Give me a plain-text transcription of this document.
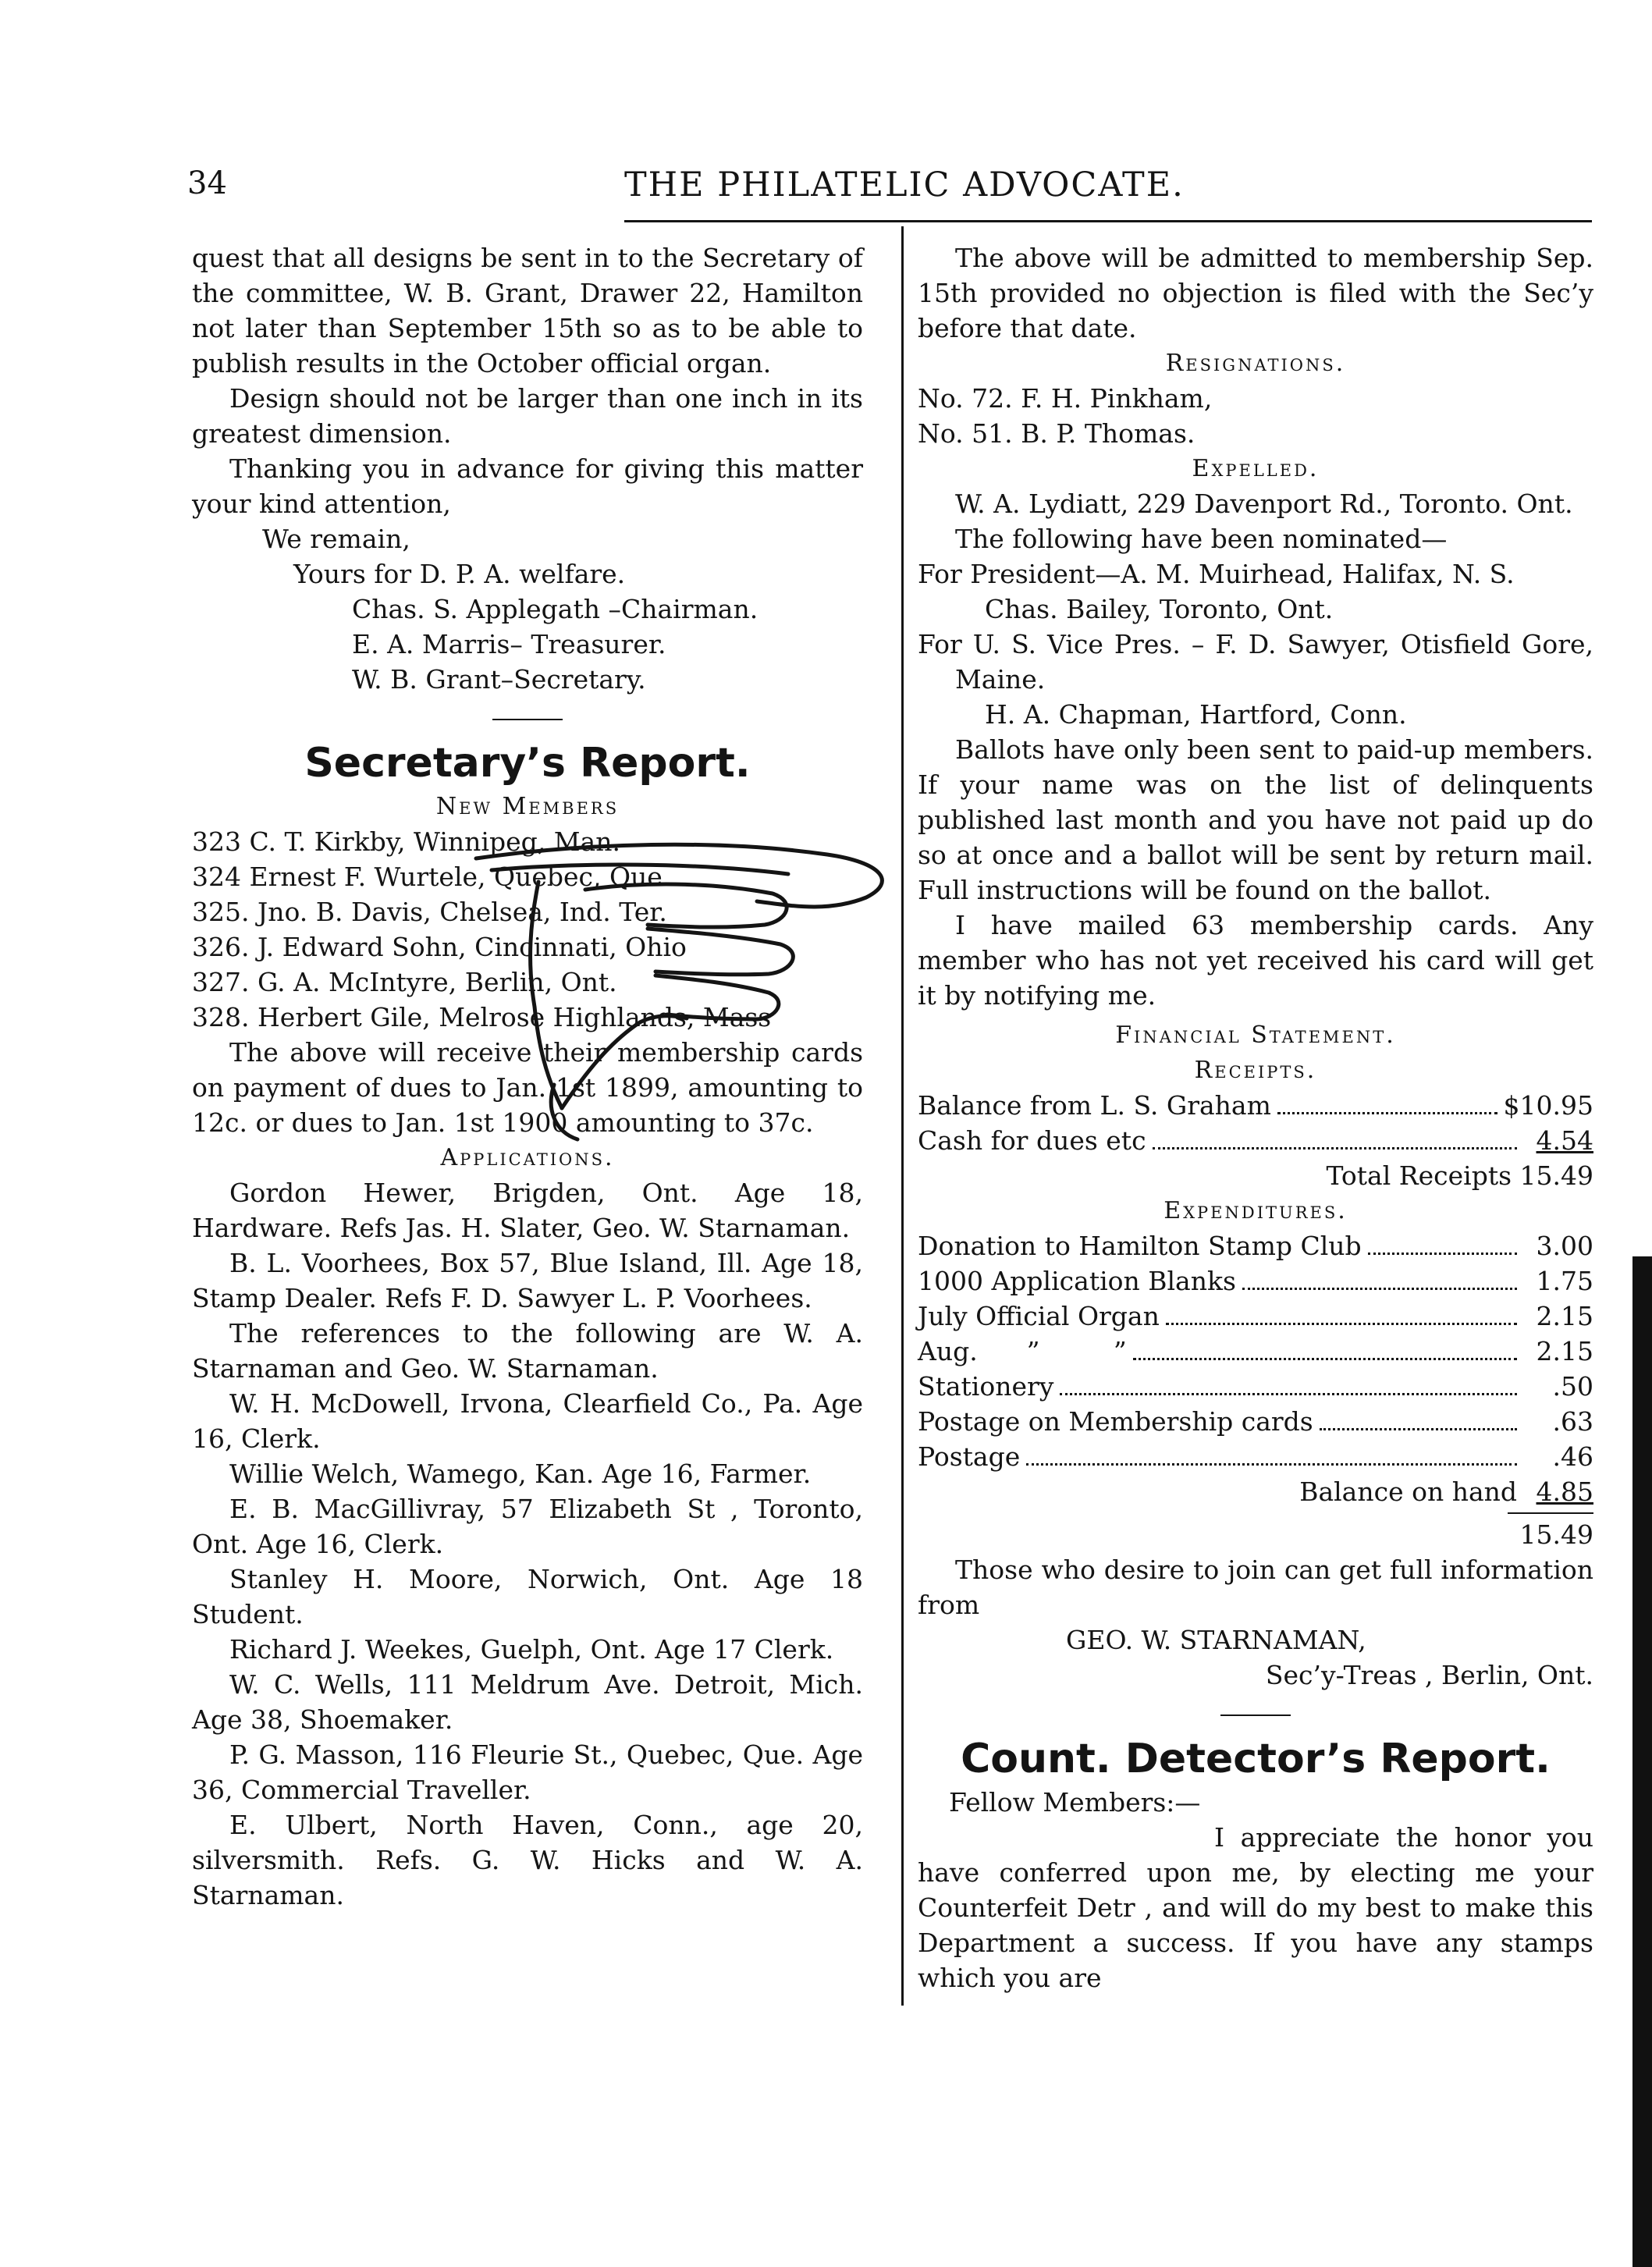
34	THE PHILATELIC ADVOCATE.

quest that all designs be sent in to the Secretary of the committee, W. B. Grant, Drawer 22, Hamilton not later than September 15th so as to be able to publish results in the October official organ.

Design should not be larger than one inch in its greatest dimension.

Thanking you in advance for giving this matter your kind attention,

We remain,
Yours for D. P. A. welfare.
Chas. S. Applegath –Chairman.
E. A. Marris– Treasurer.
W. B. Grant–Secretary.
Secretary’s Report.
New Members
323 C. T. Kirkby, Winnipeg, Man.
324 Ernest F. Wurtele, Quebec, Que.
325. Jno. B. Davis, Chelsea, Ind. Ter.
326. J. Edward Sohn, Cincinnati, Ohio
327. G. A. McIntyre, Berlin, Ont.
328. Herbert Gile, Melrose Highlands, Mass

The above will receive their membership cards on payment of dues to Jan. 1st 1899, amounting to 12c. or dues to Jan. 1st 1900 amounting to 37c.

Applications.

Gordon Hewer, Brigden, Ont. Age 18, Hardware. Refs Jas. H. Slater, Geo. W. Starnaman.

B. L. Voorhees, Box 57, Blue Island, Ill. Age 18, Stamp Dealer. Refs F. D. Sawyer L. P. Voorhees.

The references to the following are W. A. Starnaman and Geo. W. Starnaman.

W. H. McDowell, Irvona, Clearfield Co., Pa. Age 16, Clerk.

Willie Welch, Wamego, Kan. Age 16, Farmer.

E. B. MacGillivray, 57 Elizabeth St , Toronto, Ont. Age 16, Clerk.

Stanley H. Moore, Norwich, Ont. Age 18 Student.

Richard J. Weekes, Guelph, Ont. Age 17 Clerk.

W. C. Wells, 111 Meldrum Ave. Detroit, Mich. Age 38, Shoemaker.

P. G. Masson, 116 Fleurie St., Quebec, Que. Age 36, Commercial Traveller.

E. Ulbert, North Haven, Conn., age 20, silversmith. Refs. G. W. Hicks and W. A. Starnaman.

The above will be admitted to membership Sep. 15th provided no objection is filed with the Sec’y before that date.

Resignations.
No. 72. F. H. Pinkham,
No. 51. B. P. Thomas.
Expelled.

W. A. Lydiatt, 229 Davenport Rd., Toronto. Ont.

The following have been nominated—

For President—A. M. Muirhead, Halifax, N. S.

Chas. Bailey, Toronto, Ont.

For U. S. Vice Pres. – F. D. Sawyer, Otisfield Gore, Maine.

H. A. Chapman, Hartford, Conn.

Ballots have only been sent to paid-up members. If your name was on the list of delinquents published last month and you have not paid up do so at once and a ballot will be sent by return mail. Full instructions will be found on the ballot.

I have mailed 63 membership cards. Any member who has not yet received his card will get it by notifying me.

Financial Statement.
Receipts.
Balance from L. S. Graham	$10.95
Cash for dues etc	4.54
Total Receipts 15.49
Expenditures.
Donation to Hamilton Stamp Club	3.00
1000 Application Blanks	1.75
July Official Organ	2.15
Aug.      ”         ”	2.15
Stationery	.50
Postage on Membership cards	.63
Postage	.46
Balance on hand 4.85
15.49

Those who desire to join can get full information from

GEO. W. STARNAMAN,
Sec’y-Treas , Berlin, Ont.
Count. Detector’s Report.
Fellow Members:—

I appreciate the honor you have conferred upon me, by electing me your Counterfeit Detr , and will do my best to make this Department a success. If you have any stamps which you are
